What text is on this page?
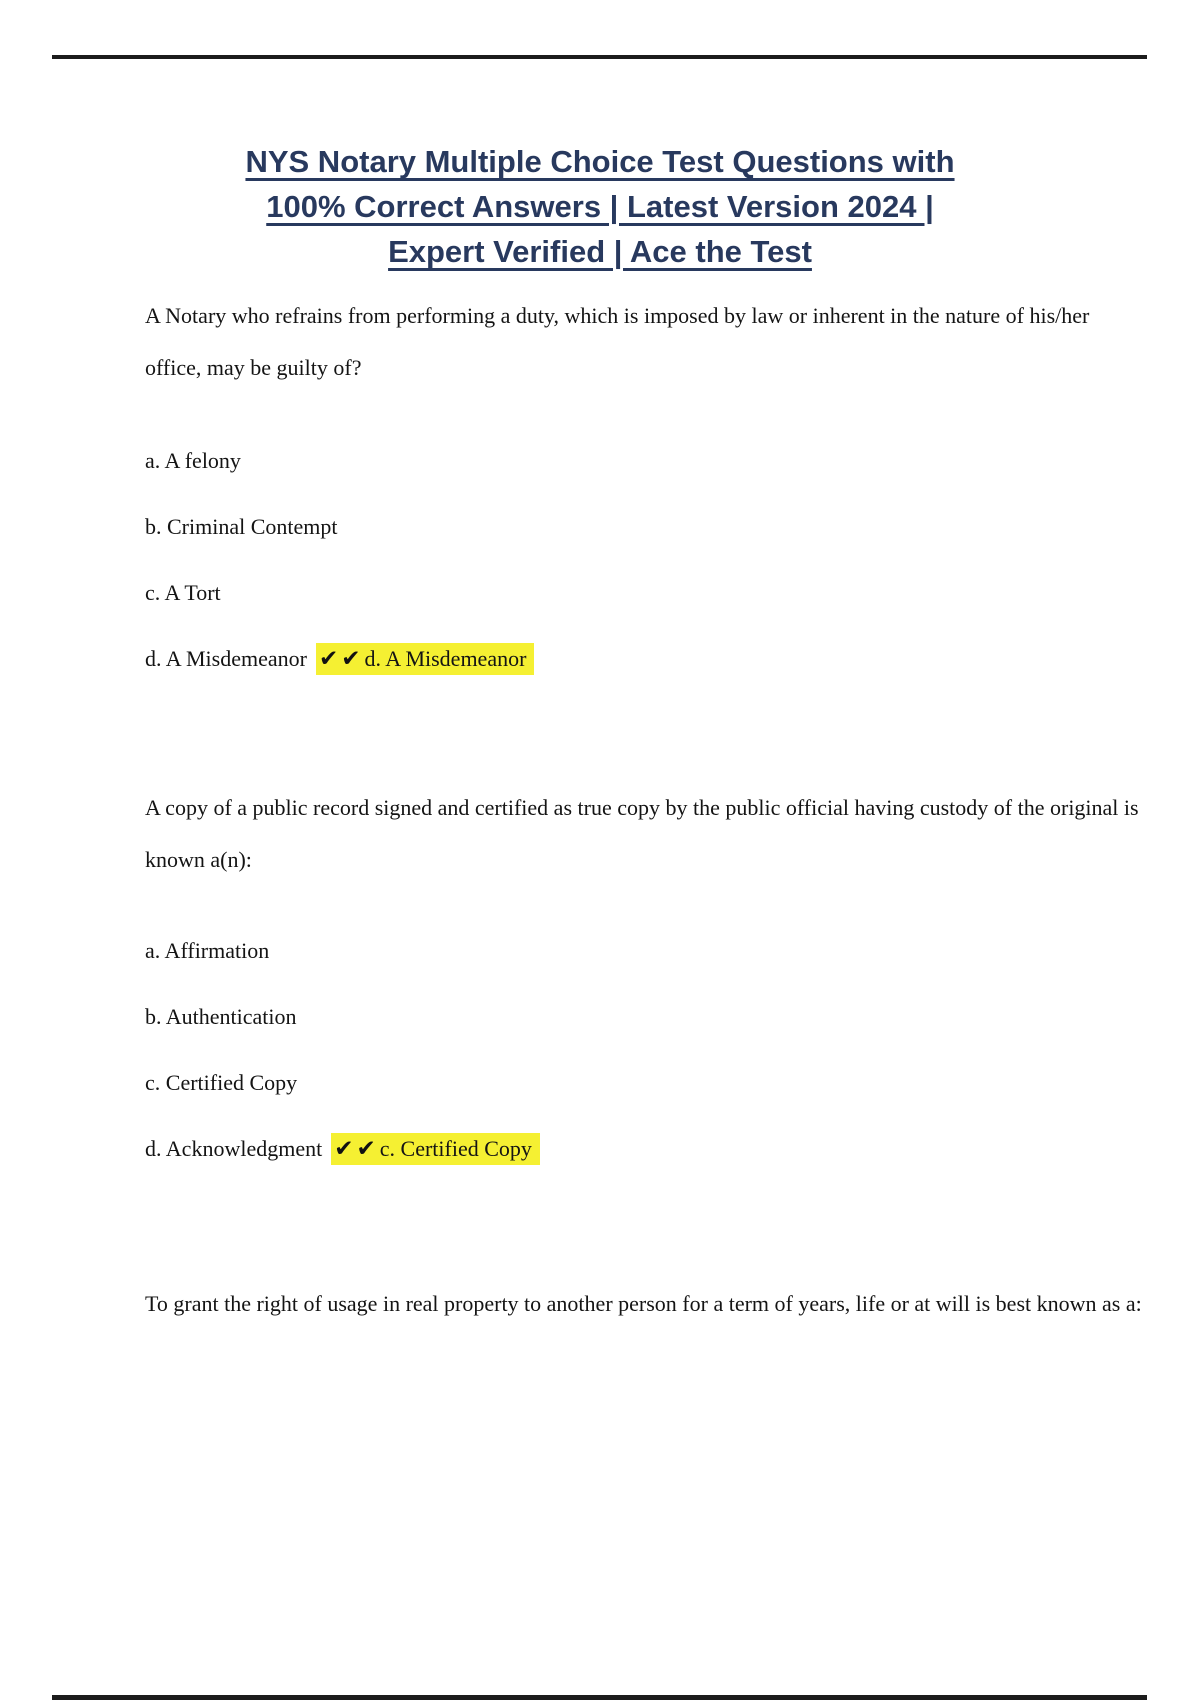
NYS Notary Multiple Choice Test Questions with
100% Correct Answers | Latest Version 2024 |
Expert Verified | Ace the Test

A Notary who refrains from performing a duty, which is imposed by law or inherent in the nature of his/her office, may be guilty of?

a. A felony
b. Criminal Contempt
c. A Tort
d. A Misdemeanor ✔✔d. A Misdemeanor

A copy of a public record signed and certified as true copy by the public official having custody of the original is known a(n):

a. Affirmation
b. Authentication
c. Certified Copy
d. Acknowledgment ✔✔c. Certified Copy

To grant the right of usage in real property to another person for a term of years, life or at will is best known as a:
